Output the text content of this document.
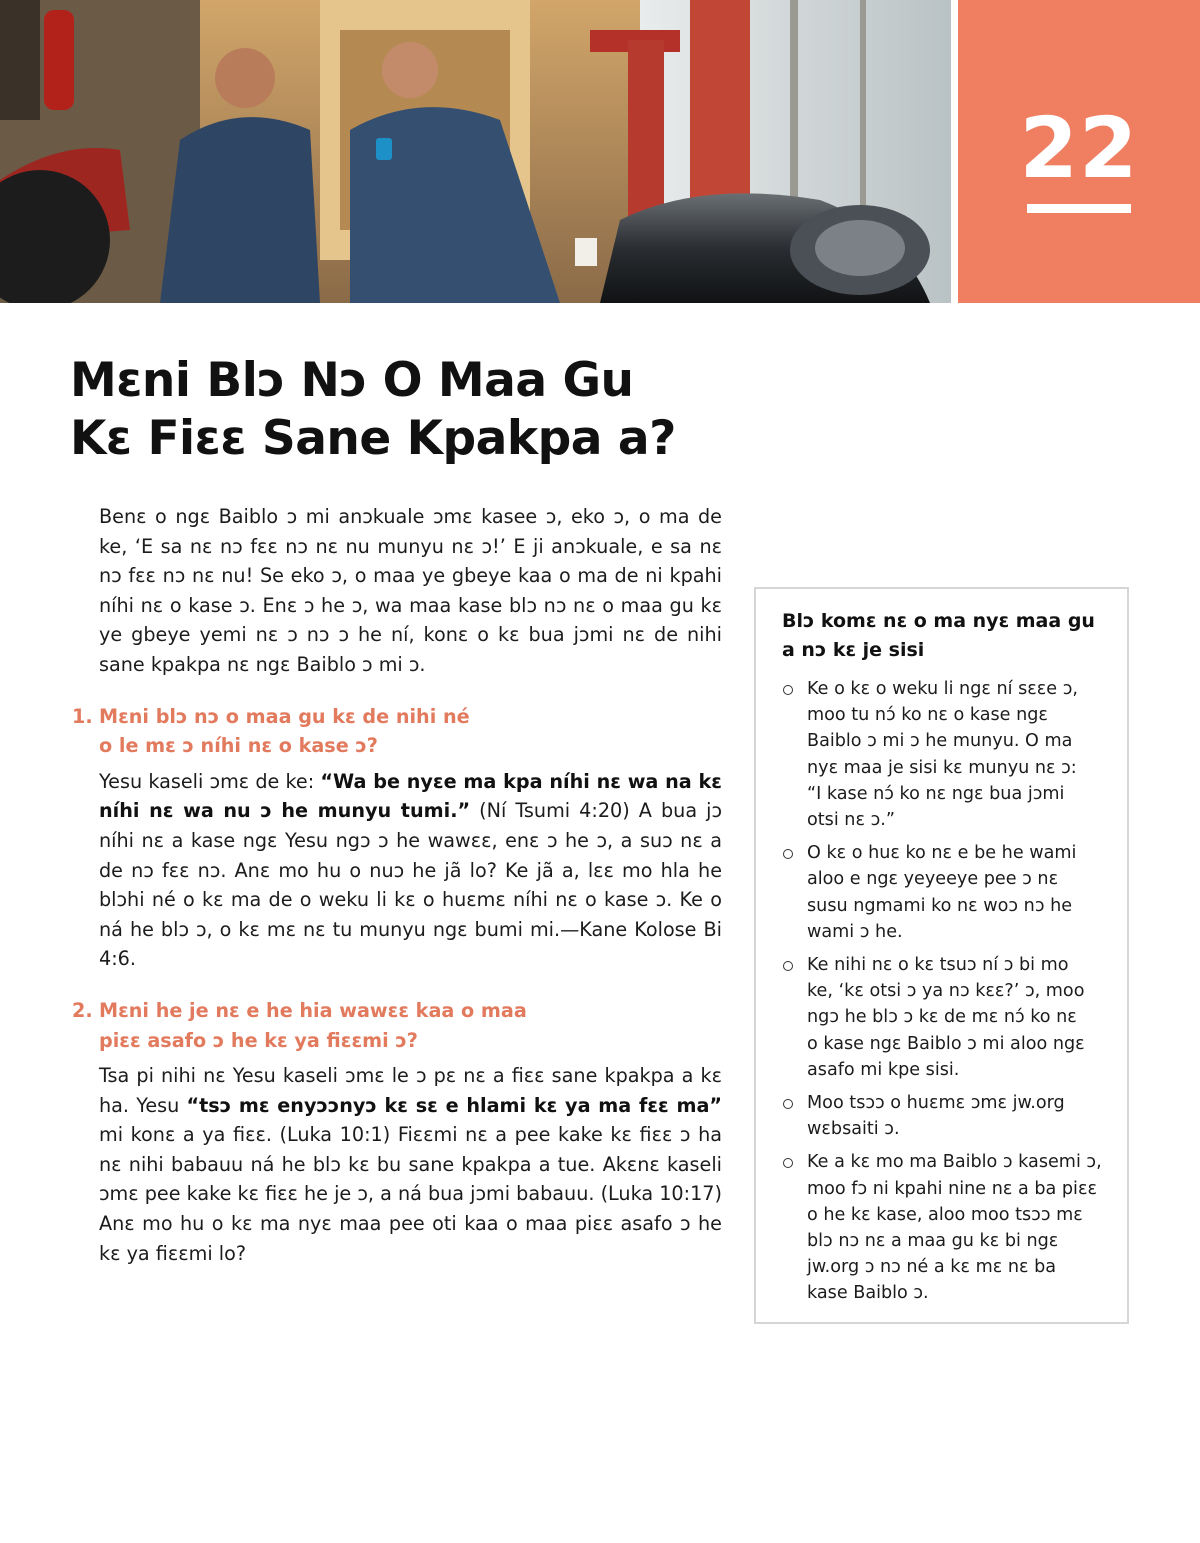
22
Mɛni Blɔ Nɔ O Maa Gu
Kɛ Fiɛɛ Sane Kpakpa a?

Benɛ o ngɛ Baiblo ɔ mi anɔkuale ɔmɛ kasee ɔ, eko ɔ, o ma de ke, ‘E sa nɛ nɔ fɛɛ nɔ nɛ nu munyu nɛ ɔ!’ E ji anɔkuale, e sa nɛ nɔ fɛɛ nɔ nɛ nu! Se eko ɔ, o maa ye gbeye kaa o ma de ni kpahi níhi nɛ o kase ɔ. Enɛ ɔ he ɔ, wa maa kase blɔ nɔ nɛ o maa gu kɛ ye gbeye yemi nɛ ɔ nɔ ɔ he ní, konɛ o kɛ bua jɔmi nɛ de nihi sane kpakpa nɛ ngɛ Baiblo ɔ mi ɔ.

1. Mɛni blɔ nɔ o maa gu kɛ de nihi né
o le mɛ ɔ níhi nɛ o kase ɔ?

Yesu kaseli ɔmɛ de ke: “Wa be nyɛe ma kpa níhi nɛ wa na kɛ níhi nɛ wa nu ɔ he munyu tumi.” (Ní Tsumi 4:20) A bua jɔ níhi nɛ a kase ngɛ Yesu ngɔ ɔ he wawɛɛ, enɛ ɔ he ɔ, a suɔ nɛ a de nɔ fɛɛ nɔ. Anɛ mo hu o nuɔ he jã lo? Ke jã a, lɛɛ mo hla he blɔhi né o kɛ ma de o weku li kɛ o huɛmɛ níhi nɛ o kase ɔ. Ke o ná he blɔ ɔ, o kɛ mɛ nɛ tu munyu ngɛ bumi mi.—Kane Kolose Bi 4:6.

2. Mɛni he je nɛ e he hia wawɛɛ kaa o maa
piɛɛ asafo ɔ he kɛ ya fiɛɛmi ɔ?

Tsa pi nihi nɛ Yesu kaseli ɔmɛ le ɔ pɛ nɛ a fiɛɛ sane kpakpa a kɛ ha. Yesu “tsɔ mɛ enyɔɔnyɔ kɛ sɛ e hlami kɛ ya ma fɛɛ ma” mi konɛ a ya fiɛɛ. (Luka 10:1) Fiɛɛmi nɛ a pee kake kɛ fiɛɛ ɔ ha nɛ nihi babauu ná he blɔ kɛ bu sane kpakpa a tue. Akɛnɛ kaseli ɔmɛ pee kake kɛ fiɛɛ he je ɔ, a ná bua jɔmi babauu. (Luka 10:17) Anɛ mo hu o kɛ ma nyɛ maa pee oti kaa o maa piɛɛ asafo ɔ he kɛ ya fiɛɛmi lo?

Blɔ komɛ nɛ o ma nyɛ maa gu
a nɔ kɛ je sisi
Ke o kɛ o weku li ngɛ ní sɛɛe ɔ,
moo tu nɔ́ ko nɛ o kase ngɛ
Baiblo ɔ mi ɔ he munyu. O ma
nyɛ maa je sisi kɛ munyu nɛ ɔ:
“I kase nɔ́ ko nɛ ngɛ bua jɔmi
otsi nɛ ɔ.”
O kɛ o huɛ ko nɛ e be he wami
aloo e ngɛ yeyeeye pee ɔ nɛ
susu ngmami ko nɛ woɔ nɔ he
wami ɔ he.
Ke nihi nɛ o kɛ tsuɔ ní ɔ bi mo
ke, ‘kɛ otsi ɔ ya nɔ kɛɛ?’ ɔ, moo
ngɔ he blɔ ɔ kɛ de mɛ nɔ́ ko nɛ
o kase ngɛ Baiblo ɔ mi aloo ngɛ
asafo mi kpe sisi.
Moo tsɔɔ o huɛmɛ ɔmɛ jw.org
wɛbsaiti ɔ.
Ke a kɛ mo ma Baiblo ɔ kasemi ɔ,
moo fɔ ni kpahi nine nɛ a ba piɛɛ
o he kɛ kase, aloo moo tsɔɔ mɛ
blɔ nɔ nɛ a maa gu kɛ bi ngɛ
jw.org ɔ nɔ né a kɛ mɛ nɛ ba
kase Baiblo ɔ.
